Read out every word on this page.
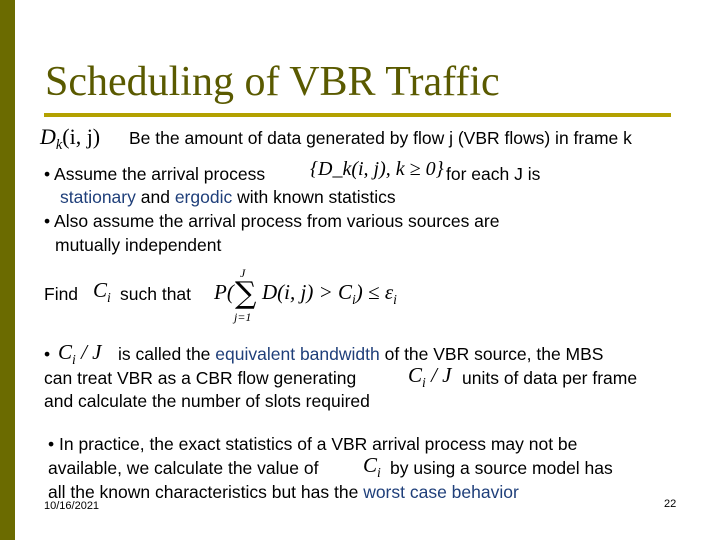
Scheduling of VBR Traffic
$D_k(i$, j) Be the amount of data generated by flow j (VBR flows) in frame k
• Assume the arrival process {D_k(i, j), k ≥ 0} for each J is
stationary and ergodic with known statistics
• Also assume the arrival process from various sources are
mutually independent
Find $C_i$ such that P(
J
∑
j=1
D(i, $j) > C_i) \le \varepsilon_i$
• $C_i$ / J is called the equivalent bandwidth of the VBR source, the MBS
can treat VBR as a CBR flow generating $C_i$ / J units of data per frame
and calculate the number of slots required
• In practice, the exact statistics of a VBR arrival process may not be
available, we calculate the value of $C_i$ by using a source model has
all the known characteristics but has the worst case behavior
10/16/2021	22
